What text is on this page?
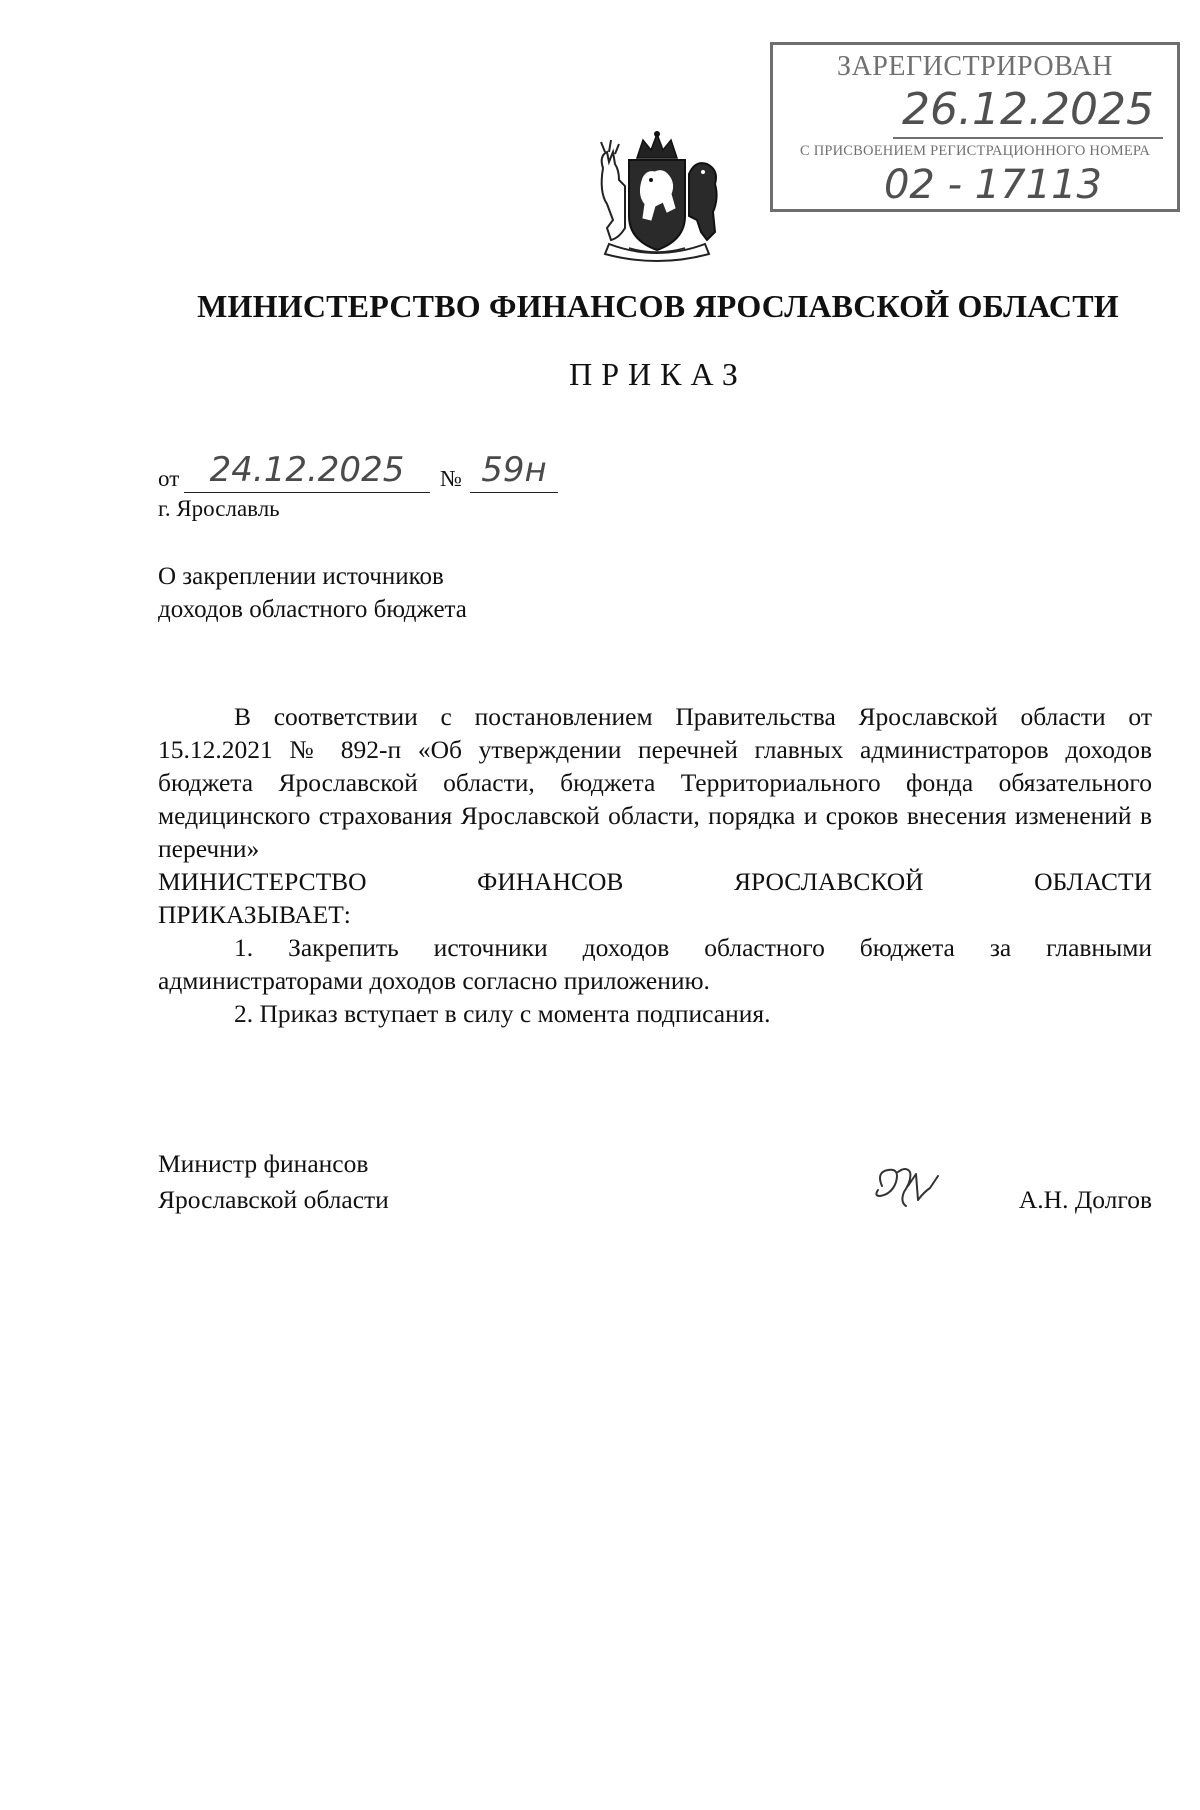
ЗАРЕГИСТРИРОВАН
26.12.2025
С ПРИСВОЕНИЕМ РЕГИСТРАЦИОННОГО НОМЕРА
02 - 17113
МИНИСТЕРСТВО ФИНАНСОВ ЯРОСЛАВСКОЙ ОБЛАСТИ
ПРИКАЗ
от 24.12.2025	№ 59н
г. Ярославль
О закреплении источников
доходов областного бюджета

В соответствии с постановлением Правительства Ярославской области от 15.12.2021 № 892-п «Об утверждении перечней главных администраторов доходов бюджета Ярославской области, бюджета Территориального фонда обязательного медицинского страхования Ярославской области, порядка и сроков внесения изменений в перечни»

МИНИСТЕРСТВО ФИНАНСОВ ЯРОСЛАВСКОЙ ОБЛАСТИ

ПРИКАЗЫВАЕТ:

1. Закрепить источники доходов областного бюджета за главными администраторами доходов согласно приложению.

2. Приказ вступает в силу с момента подписания.

Министр финансов
Ярославской области	А.Н. Долгов
